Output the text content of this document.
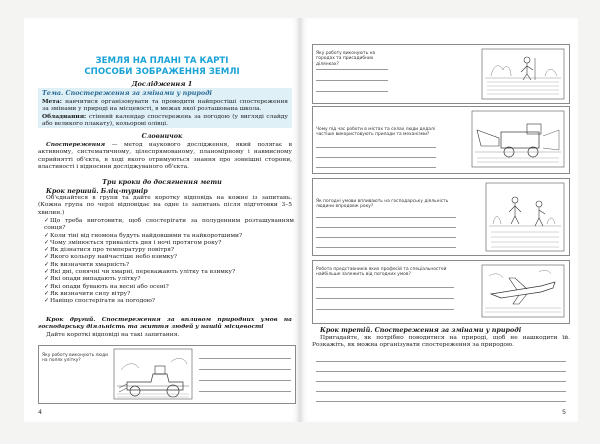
ЗЕМЛЯ НА ПЛАНІ ТА КАРТІ
СПОСОБИ ЗОБРАЖЕННЯ ЗЕМЛІ
Дослідження 1
Тема. Спостереження за змінами у природі
Мета: навчитися організовувати та проводити найпростіші спостереження за змінами у природі на місцевості, в межах якої розташована школа.
Обладнання: стінний календар спостережень за погодою (у вигляді слайду або великого плакату), кольорові олівці.
Словничок
Спостереження — метод наукового дослідження, який полягає в активному, систематичному, цілеспрямованому, планомірному і навмисному сприйнятті об'єкта, в ході якого отримуються знання про зовнішні сторони, властивості і відносини досліджуваного об'єкта.
Три кроки до досягнення мети
Крок перший. Бліц-турнір
Об'єднайтеся в групи та дайте коротку відповідь на кожне із запитань. (Кожна група по черзі відповідає на одне із запитань після підготовки 3–5 хвилин.)
✓Що треба виготовити, щоб спостерігати за полуденним розташуванням сонця?
✓Коли тіні від гномона будуть найдовшими та найкоротшими?
✓Чому змінюється тривалість дня і ночі протягом року?
✓Як дізнатися про температуру повітря?
✓Якого кольору найчастіше небо взимку?
✓Як визначити хмарність?
✓Які дні, сонячні чи хмарні, переважають улітку та взимку?
✓Які опади випадають улітку?
✓Які опади бувають на весні або осені?
✓Як визначити силу вітру?
✓Навіщо спостерігати за погодою?
Крок другий. Спостереження за впливом природних умов на господарську діяльність та життя людей у нашій місцевості
Дайте короткі відповіді на такі запитання.
Яку роботу виконують люди на полях улітку?
4
Яку роботу виконують на городах та присадибних ділянках?
Чому під час роботи в містах та селах люди дедалі частіше використовують прилади та механізми?
Як погодні умови впливають на господарську діяльність людини впродовж року?
Робота представників яких професій та спеціальностей найбільше залежить від погодних умов?
Крок третій. Спостереження за змінами у природі
Пригадайте, як потрібно поводитися на природі, щоб не нашкодити їй. Розкажіть, як можна організувати спостереження за природою.
5
